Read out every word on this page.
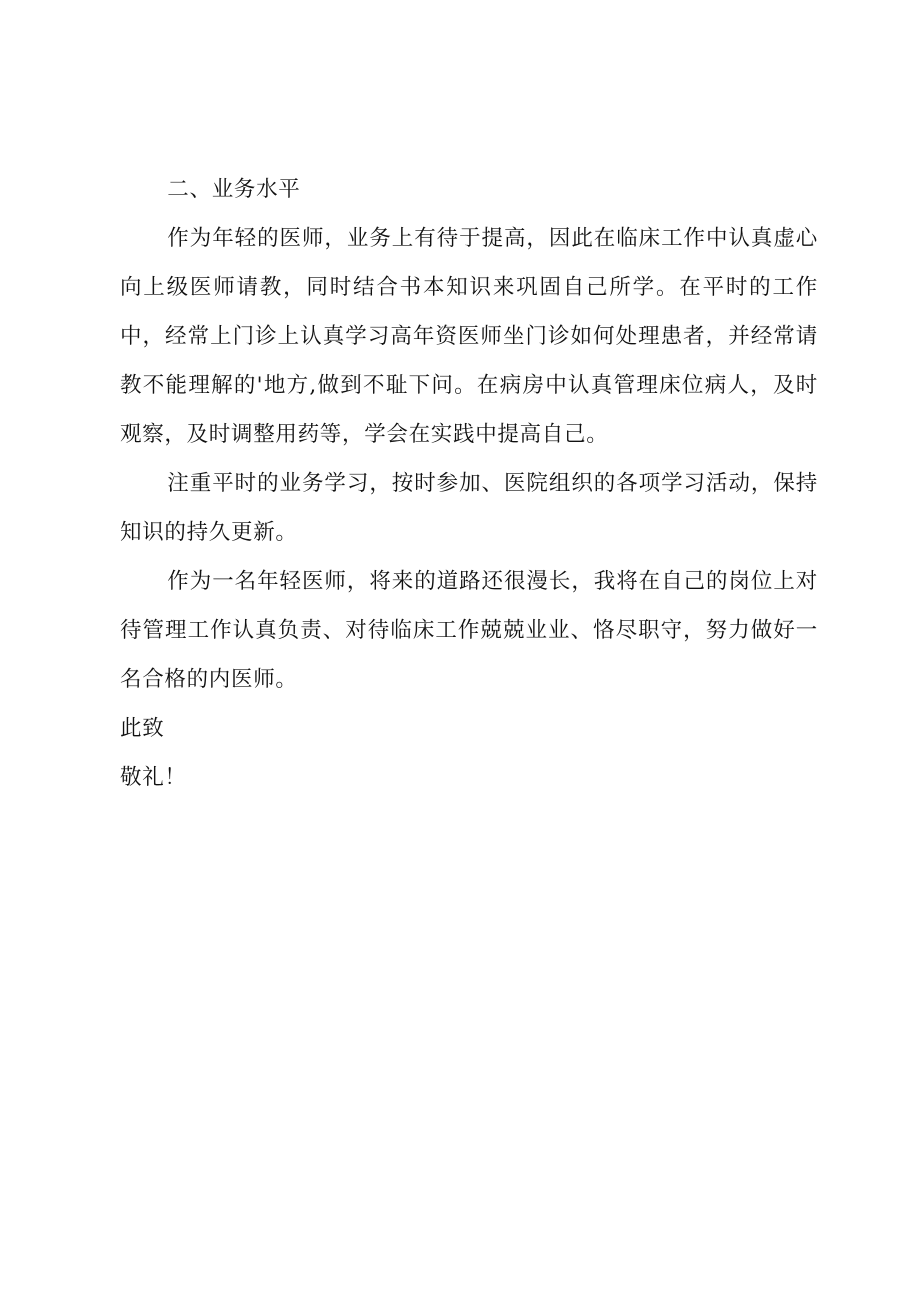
二、业务水平

作为年轻的医师，业务上有待于提高，因此在临床工作中认真虚心向上级医师请教，同时结合书本知识来巩固自己所学。在平时的工作中，经常上门诊上认真学习高年资医师坐门诊如何处理患者，并经常请教不能理解的'地方,做到不耻下问。在病房中认真管理床位病人，及时观察，及时调整用药等，学会在实践中提高自己。

注重平时的业务学习，按时参加、医院组织的各项学习活动，保持知识的持久更新。

作为一名年轻医师，将来的道路还很漫长，我将在自己的岗位上对待管理工作认真负责、对待临床工作兢兢业业、恪尽职守，努力做好一名合格的内医师。

此致

敬礼！
